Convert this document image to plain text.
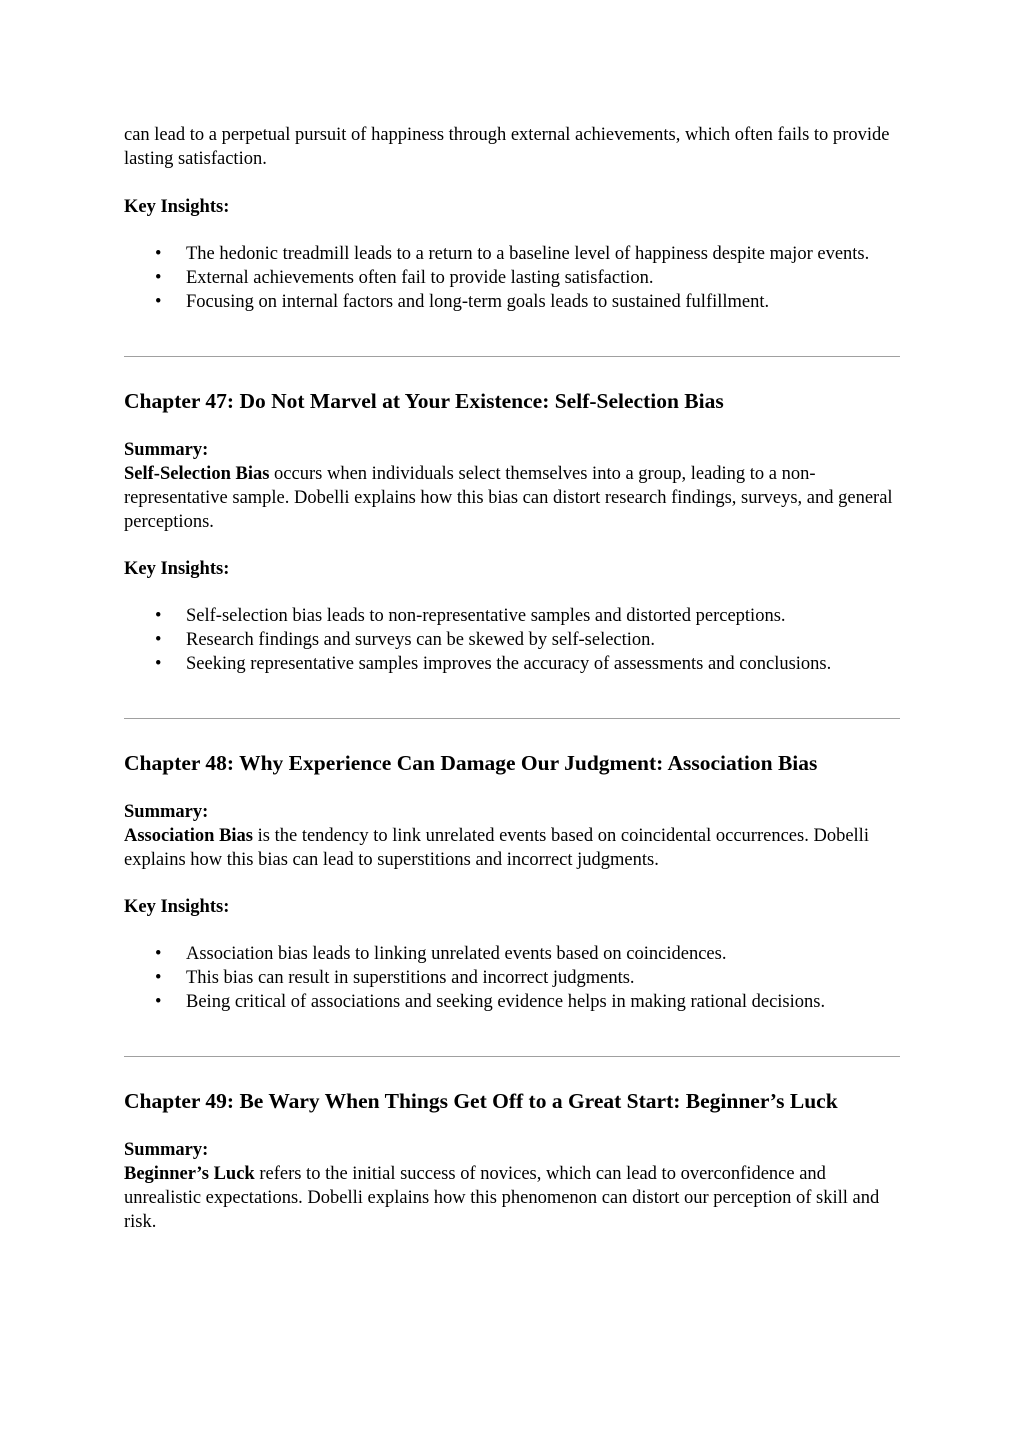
can lead to a perpetual pursuit of happiness through external achievements, which often fails to provide lasting satisfaction.

Key Insights:

• The hedonic treadmill leads to a return to a baseline level of happiness despite major events.
• External achievements often fail to provide lasting satisfaction.
• Focusing on internal factors and long-term goals leads to sustained fulfillment.
Chapter 47: Do Not Marvel at Your Existence: Self-Selection Bias

Summary:

Self-Selection Bias occurs when individuals select themselves into a group, leading to a non-representative sample. Dobelli explains how this bias can distort research findings, surveys, and general perceptions.

Key Insights:

• Self-selection bias leads to non-representative samples and distorted perceptions.
• Research findings and surveys can be skewed by self-selection.
• Seeking representative samples improves the accuracy of assessments and conclusions.
Chapter 48: Why Experience Can Damage Our Judgment: Association Bias

Summary:

Association Bias is the tendency to link unrelated events based on coincidental occurrences. Dobelli explains how this bias can lead to superstitions and incorrect judgments.

Key Insights:

• Association bias leads to linking unrelated events based on coincidences.
• This bias can result in superstitions and incorrect judgments.
• Being critical of associations and seeking evidence helps in making rational decisions.
Chapter 49: Be Wary When Things Get Off to a Great Start: Beginner’s Luck

Summary:

Beginner’s Luck refers to the initial success of novices, which can lead to overconfidence and unrealistic expectations. Dobelli explains how this phenomenon can distort our perception of skill and risk.
